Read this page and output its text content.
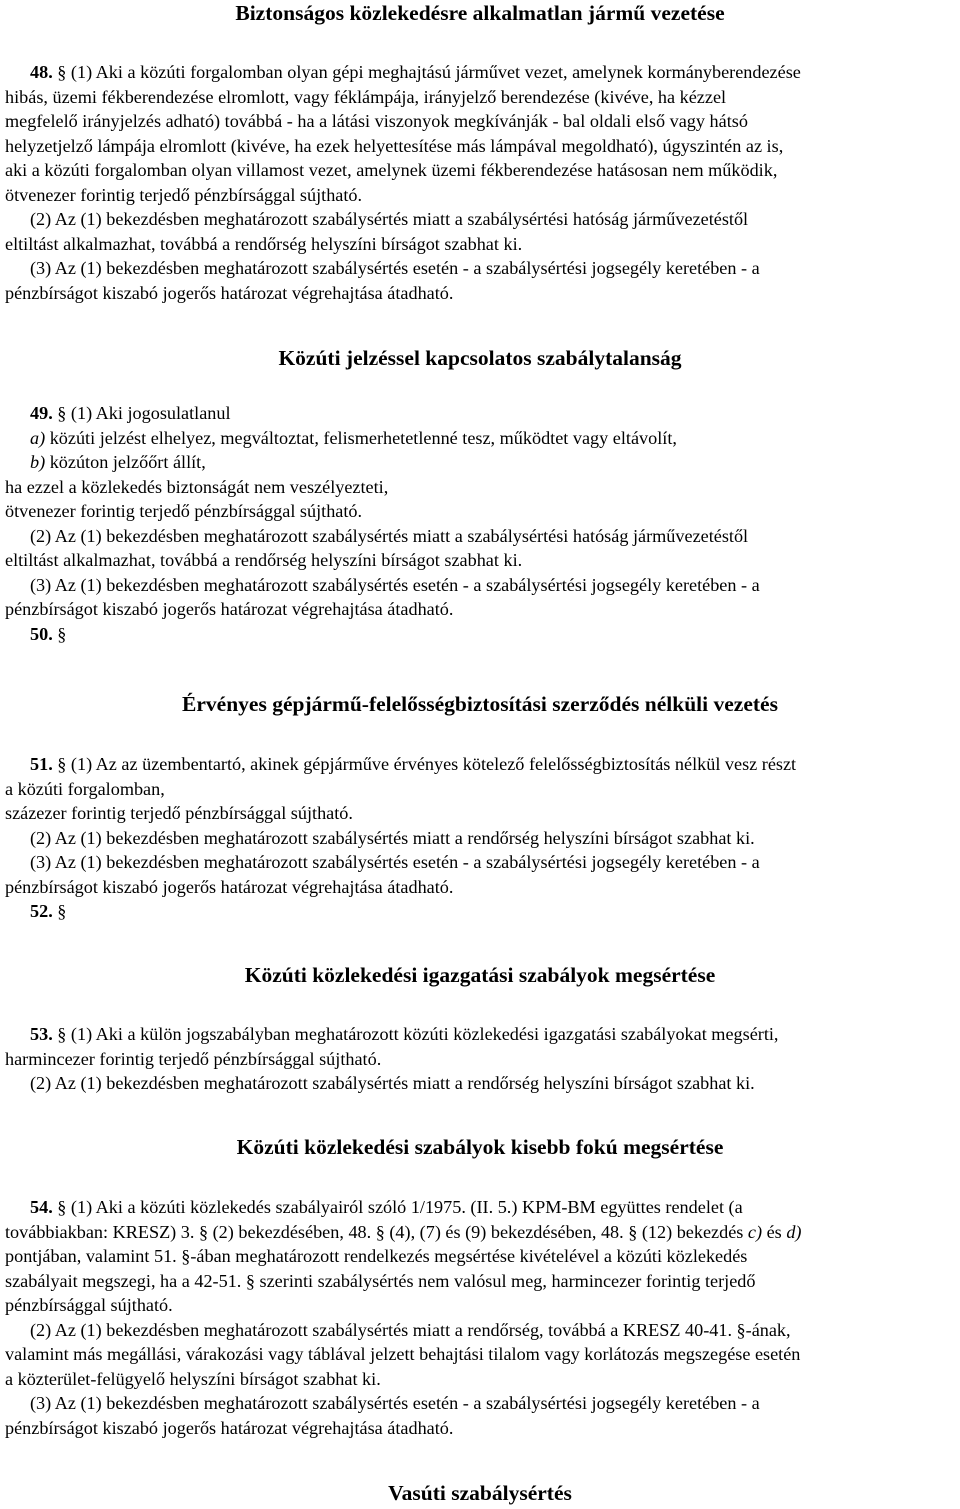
Biztonságos közlekedésre alkalmatlan jármű vezetése
48. § (1) Aki a közúti forgalomban olyan gépi meghajtású járművet vezet, amelynek kormányberendezése
hibás, üzemi fékberendezése elromlott, vagy féklámpája, irányjelző berendezése (kivéve, ha kézzel
megfelelő irányjelzés adható) továbbá - ha a látási viszonyok megkívánják - bal oldali első vagy hátsó
helyzetjelző lámpája elromlott (kivéve, ha ezek helyettesítése más lámpával megoldható), úgyszintén az is,
aki a közúti forgalomban olyan villamost vezet, amelynek üzemi fékberendezése hatásosan nem működik,
ötvenezer forintig terjedő pénzbírsággal sújtható.
(2) Az (1) bekezdésben meghatározott szabálysértés miatt a szabálysértési hatóság járművezetéstől
eltiltást alkalmazhat, továbbá a rendőrség helyszíni bírságot szabhat ki.
(3) Az (1) bekezdésben meghatározott szabálysértés esetén - a szabálysértési jogsegély keretében - a
pénzbírságot kiszabó jogerős határozat végrehajtása átadható.
Közúti jelzéssel kapcsolatos szabálytalanság
49. § (1) Aki jogosulatlanul
a) közúti jelzést elhelyez, megváltoztat, felismerhetetlenné tesz, működtet vagy eltávolít,
b) közúton jelzőőrt állít,
ha ezzel a közlekedés biztonságát nem veszélyezteti,
ötvenezer forintig terjedő pénzbírsággal sújtható.
(2) Az (1) bekezdésben meghatározott szabálysértés miatt a szabálysértési hatóság járművezetéstől
eltiltást alkalmazhat, továbbá a rendőrség helyszíni bírságot szabhat ki.
(3) Az (1) bekezdésben meghatározott szabálysértés esetén - a szabálysértési jogsegély keretében - a
pénzbírságot kiszabó jogerős határozat végrehajtása átadható.
50. §
Érvényes gépjármű-felelősségbiztosítási szerződés nélküli vezetés
51. § (1) Az az üzembentartó, akinek gépjárműve érvényes kötelező felelősségbiztosítás nélkül vesz részt
a közúti forgalomban,
százezer forintig terjedő pénzbírsággal sújtható.
(2) Az (1) bekezdésben meghatározott szabálysértés miatt a rendőrség helyszíni bírságot szabhat ki.
(3) Az (1) bekezdésben meghatározott szabálysértés esetén - a szabálysértési jogsegély keretében - a
pénzbírságot kiszabó jogerős határozat végrehajtása átadható.
52. §
Közúti közlekedési igazgatási szabályok megsértése
53. § (1) Aki a külön jogszabályban meghatározott közúti közlekedési igazgatási szabályokat megsérti,
harmincezer forintig terjedő pénzbírsággal sújtható.
(2) Az (1) bekezdésben meghatározott szabálysértés miatt a rendőrség helyszíni bírságot szabhat ki.
Közúti közlekedési szabályok kisebb fokú megsértése
54. § (1) Aki a közúti közlekedés szabályairól szóló 1/1975. (II. 5.) KPM-BM együttes rendelet (a
továbbiakban: KRESZ) 3. § (2) bekezdésében, 48. § (4), (7) és (9) bekezdésében, 48. § (12) bekezdés c) és d)
pontjában, valamint 51. §-ában meghatározott rendelkezés megsértése kivételével a közúti közlekedés
szabályait megszegi, ha a 42-51. § szerinti szabálysértés nem valósul meg, harmincezer forintig terjedő
pénzbírsággal sújtható.
(2) Az (1) bekezdésben meghatározott szabálysértés miatt a rendőrség, továbbá a KRESZ 40-41. §-ának,
valamint más megállási, várakozási vagy táblával jelzett behajtási tilalom vagy korlátozás megszegése esetén
a közterület-felügyelő helyszíni bírságot szabhat ki.
(3) Az (1) bekezdésben meghatározott szabálysértés esetén - a szabálysértési jogsegély keretében - a
pénzbírságot kiszabó jogerős határozat végrehajtása átadható.
Vasúti szabálysértés
